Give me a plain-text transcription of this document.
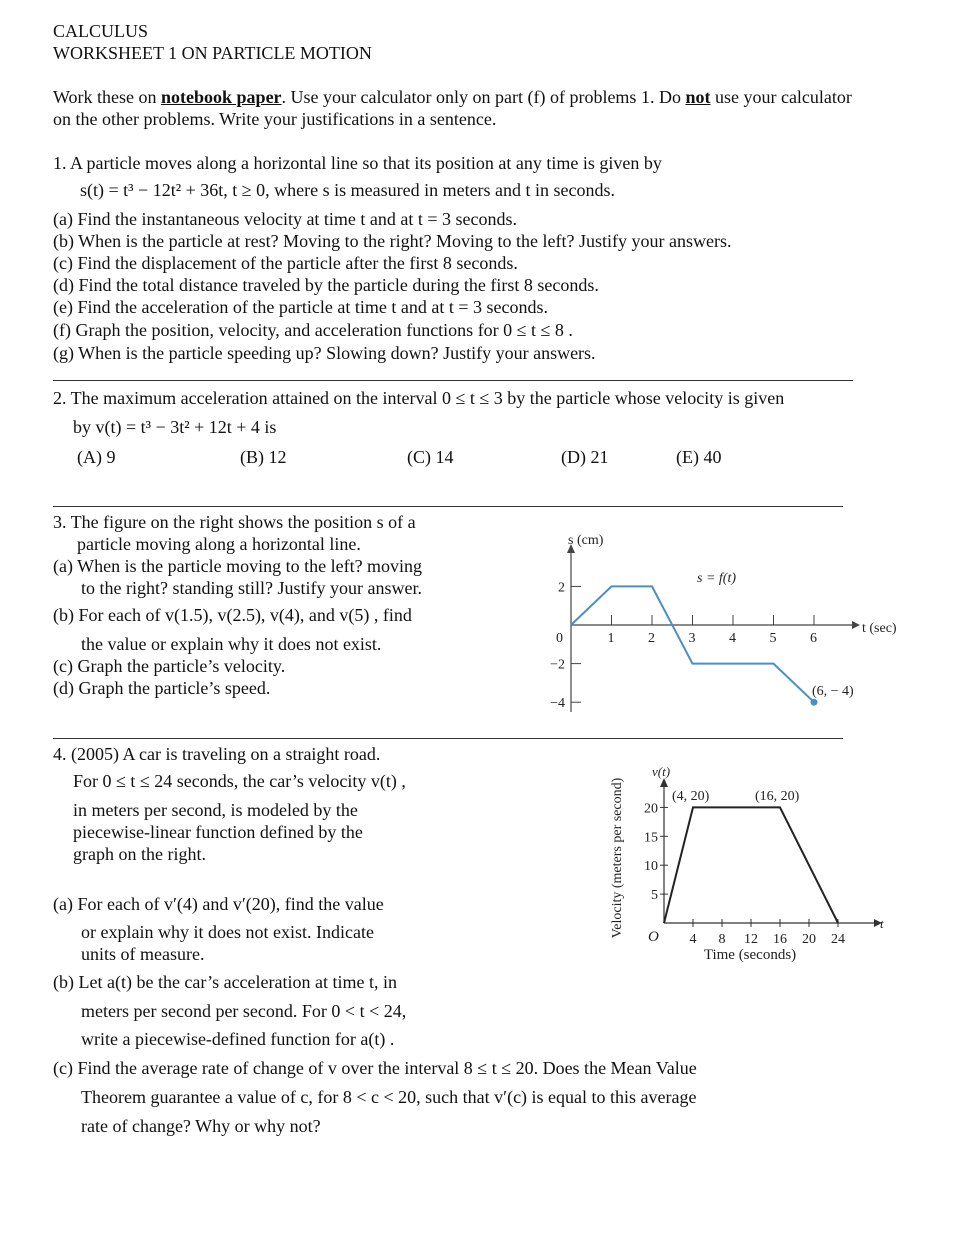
CALCULUS
WORKSHEET 1 ON PARTICLE MOTION
Work these on notebook paper. Use your calculator only on part (f) of problems 1. Do not use your calculator
on the other problems. Write your justifications in a sentence.
1. A particle moves along a horizontal line so that its position at any time is given by
s(t) = t³ − 12t² + 36t, t ≥ 0, where s is measured in meters and t in seconds.
(a) Find the instantaneous velocity at time t and at t = 3 seconds.
(b) When is the particle at rest? Moving to the right? Moving to the left? Justify your answers.
(c) Find the displacement of the particle after the first 8 seconds.
(d) Find the total distance traveled by the particle during the first 8 seconds.
(e) Find the acceleration of the particle at time t and at t = 3 seconds.
(f) Graph the position, velocity, and acceleration functions for 0 ≤ t ≤ 8 .
(g) When is the particle speeding up? Slowing down? Justify your answers.
2. The maximum acceleration attained on the interval 0 ≤ t ≤ 3 by the particle whose velocity is given
by v(t) = t³ − 3t² + 12t + 4 is
(A) 9	(B) 12	(C) 14	(D) 21	(E) 40
3. The figure on the right shows the position s of a
particle moving along a horizontal line.
(a) When is the particle moving to the left? moving
to the right? standing still? Justify your answer.
(b) For each of v(1.5), v(2.5), v(4), and v(5) , find
the value or explain why it does not exist.
(c) Graph the particle’s velocity.
(d) Graph the particle’s speed.
s (cm)
t (sec)
s = f(t)
0	1 2 3 4 5 6
2
−2
−4
(6, − 4)
4. (2005) A car is traveling on a straight road.
For 0 ≤ t ≤ 24 seconds, the car’s velocity v(t) ,
in meters per second, is modeled by the
piecewise-linear function defined by the
graph on the right.
(a) For each of v′(4) and v′(20), find the value
or explain why it does not exist. Indicate
units of measure.
(b) Let a(t) be the car’s acceleration at time t, in
meters per second per second. For 0 < t < 24,
write a piecewise-defined function for a(t) .
(c) Find the average rate of change of v over the interval 8 ≤ t ≤ 20. Does the Mean Value
Theorem guarantee a value of c, for 8 < c < 20, such that v′(c) is equal to this average
rate of change? Why or why not?
t
v(t)
O
Time (seconds)
Velocity (meters per second)
4 8 12 16 20 24
5
10
15
20
(4, 20)	(16, 20)
